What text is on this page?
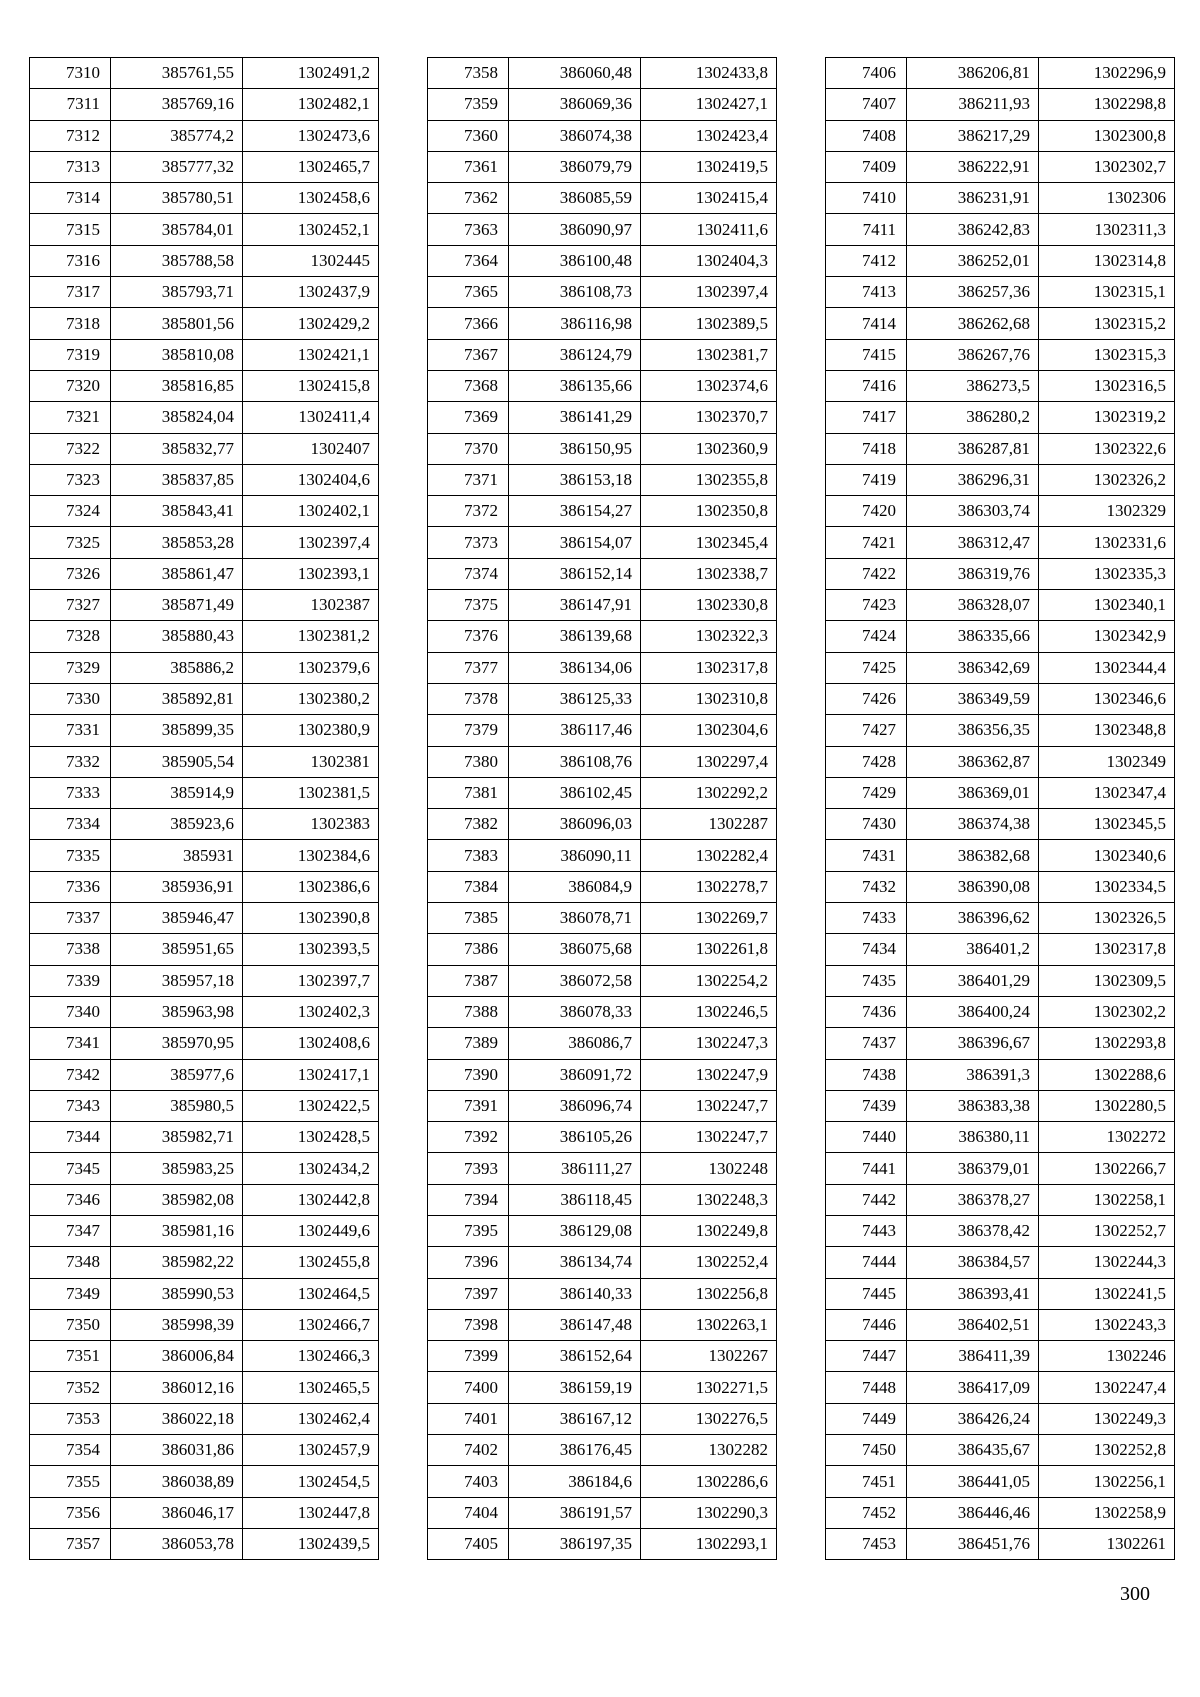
7310	385761,55	1302491,2
7311	385769,16	1302482,1
7312	385774,2	1302473,6
7313	385777,32	1302465,7
7314	385780,51	1302458,6
7315	385784,01	1302452,1
7316	385788,58	1302445
7317	385793,71	1302437,9
7318	385801,56	1302429,2
7319	385810,08	1302421,1
7320	385816,85	1302415,8
7321	385824,04	1302411,4
7322	385832,77	1302407
7323	385837,85	1302404,6
7324	385843,41	1302402,1
7325	385853,28	1302397,4
7326	385861,47	1302393,1
7327	385871,49	1302387
7328	385880,43	1302381,2
7329	385886,2	1302379,6
7330	385892,81	1302380,2
7331	385899,35	1302380,9
7332	385905,54	1302381
7333	385914,9	1302381,5
7334	385923,6	1302383
7335	385931	1302384,6
7336	385936,91	1302386,6
7337	385946,47	1302390,8
7338	385951,65	1302393,5
7339	385957,18	1302397,7
7340	385963,98	1302402,3
7341	385970,95	1302408,6
7342	385977,6	1302417,1
7343	385980,5	1302422,5
7344	385982,71	1302428,5
7345	385983,25	1302434,2
7346	385982,08	1302442,8
7347	385981,16	1302449,6
7348	385982,22	1302455,8
7349	385990,53	1302464,5
7350	385998,39	1302466,7
7351	386006,84	1302466,3
7352	386012,16	1302465,5
7353	386022,18	1302462,4
7354	386031,86	1302457,9
7355	386038,89	1302454,5
7356	386046,17	1302447,8
7357	386053,78	1302439,5
7358	386060,48	1302433,8
7359	386069,36	1302427,1
7360	386074,38	1302423,4
7361	386079,79	1302419,5
7362	386085,59	1302415,4
7363	386090,97	1302411,6
7364	386100,48	1302404,3
7365	386108,73	1302397,4
7366	386116,98	1302389,5
7367	386124,79	1302381,7
7368	386135,66	1302374,6
7369	386141,29	1302370,7
7370	386150,95	1302360,9
7371	386153,18	1302355,8
7372	386154,27	1302350,8
7373	386154,07	1302345,4
7374	386152,14	1302338,7
7375	386147,91	1302330,8
7376	386139,68	1302322,3
7377	386134,06	1302317,8
7378	386125,33	1302310,8
7379	386117,46	1302304,6
7380	386108,76	1302297,4
7381	386102,45	1302292,2
7382	386096,03	1302287
7383	386090,11	1302282,4
7384	386084,9	1302278,7
7385	386078,71	1302269,7
7386	386075,68	1302261,8
7387	386072,58	1302254,2
7388	386078,33	1302246,5
7389	386086,7	1302247,3
7390	386091,72	1302247,9
7391	386096,74	1302247,7
7392	386105,26	1302247,7
7393	386111,27	1302248
7394	386118,45	1302248,3
7395	386129,08	1302249,8
7396	386134,74	1302252,4
7397	386140,33	1302256,8
7398	386147,48	1302263,1
7399	386152,64	1302267
7400	386159,19	1302271,5
7401	386167,12	1302276,5
7402	386176,45	1302282
7403	386184,6	1302286,6
7404	386191,57	1302290,3
7405	386197,35	1302293,1
7406	386206,81	1302296,9
7407	386211,93	1302298,8
7408	386217,29	1302300,8
7409	386222,91	1302302,7
7410	386231,91	1302306
7411	386242,83	1302311,3
7412	386252,01	1302314,8
7413	386257,36	1302315,1
7414	386262,68	1302315,2
7415	386267,76	1302315,3
7416	386273,5	1302316,5
7417	386280,2	1302319,2
7418	386287,81	1302322,6
7419	386296,31	1302326,2
7420	386303,74	1302329
7421	386312,47	1302331,6
7422	386319,76	1302335,3
7423	386328,07	1302340,1
7424	386335,66	1302342,9
7425	386342,69	1302344,4
7426	386349,59	1302346,6
7427	386356,35	1302348,8
7428	386362,87	1302349
7429	386369,01	1302347,4
7430	386374,38	1302345,5
7431	386382,68	1302340,6
7432	386390,08	1302334,5
7433	386396,62	1302326,5
7434	386401,2	1302317,8
7435	386401,29	1302309,5
7436	386400,24	1302302,2
7437	386396,67	1302293,8
7438	386391,3	1302288,6
7439	386383,38	1302280,5
7440	386380,11	1302272
7441	386379,01	1302266,7
7442	386378,27	1302258,1
7443	386378,42	1302252,7
7444	386384,57	1302244,3
7445	386393,41	1302241,5
7446	386402,51	1302243,3
7447	386411,39	1302246
7448	386417,09	1302247,4
7449	386426,24	1302249,3
7450	386435,67	1302252,8
7451	386441,05	1302256,1
7452	386446,46	1302258,9
7453	386451,76	1302261
300
